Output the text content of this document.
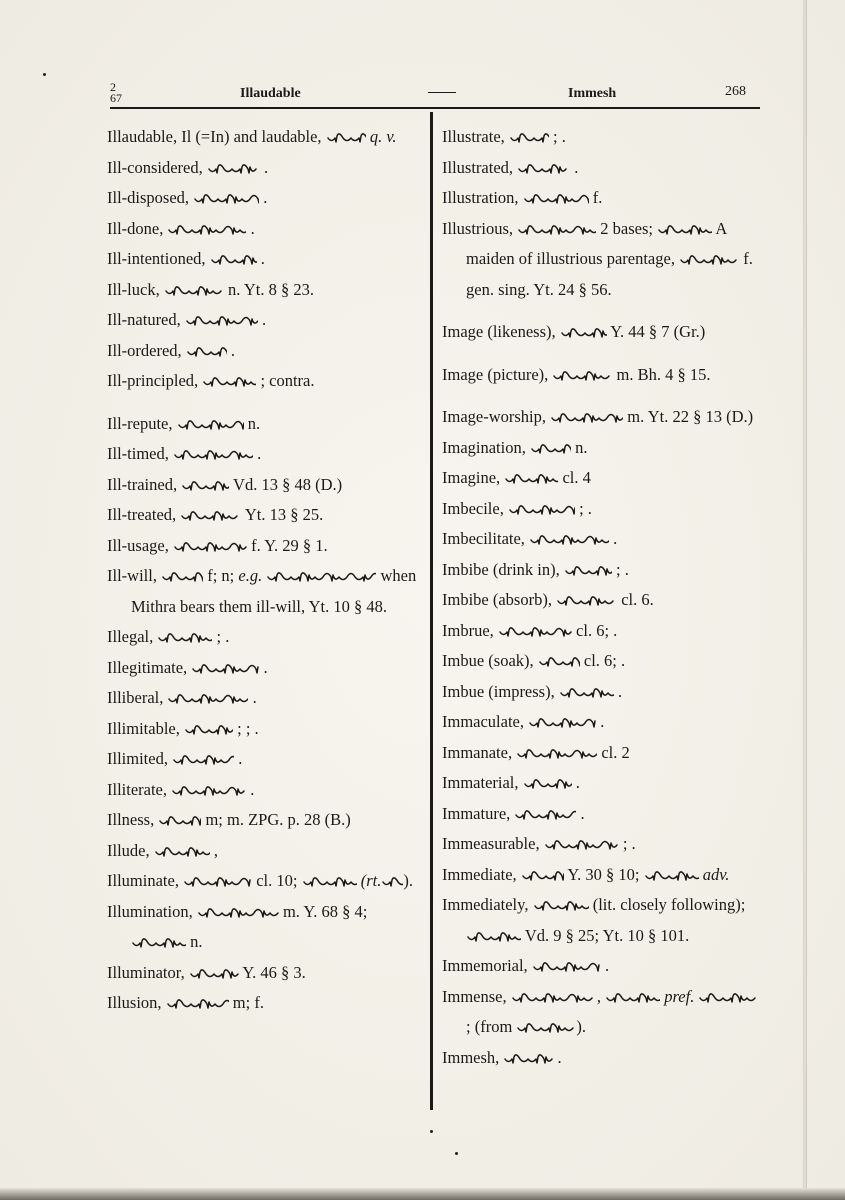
2
67	Illaudable	Immesh	268

Illaudable, Il (=In) and laudable,	q. v.

Ill-considered,	.

Ill-disposed,	.

Ill-done,	.

Ill-intentioned,	.

Ill-luck,	n. Yt. 8 § 23.

Ill-natured,	.

Ill-ordered,	.

Ill-principled,	; contra.

Ill-repute,	n.

Ill-timed,	.

Ill-trained,	Vd. 13 § 48 (D.)

Ill-treated,	Yt. 13 § 25.

Ill-usage,	f. Y. 29 § 1.

Ill-will,	f; n; e.g.	when Mithra bears them ill-will, Yt. 10 § 48.

Illegal,	; .

Illegitimate,	.

Illiberal,	.

Illimitable,	; ; .

Illimited,	.

Illiterate,	.

Illness,	m; m. ZPG. p. 28 (B.)

Illude,	,

Illuminate,	cl. 10;	(rt. ).

Illumination,	m. Y. 68 § 4;  n.

Illuminator,	Y. 46 § 3.

Illusion,	m; f.

Illustrate,	; .

Illustrated,	.

Illustration,	f.

Illustrious,	2 bases;	A maiden of illustrious parentage,	f. gen. sing. Yt. 24 § 56.

Image (likeness),	Y. 44 § 7 (Gr.)

Image (picture),	m. Bh. 4 § 15.

Image-worship,	m. Yt. 22 § 13 (D.)

Imagination,	n.

Imagine,	cl. 4

Imbecile,	; .

Imbecilitate,	.

Imbibe (drink in),	; .

Imbibe (absorb),	cl. 6.

Imbrue,	cl. 6; .

Imbue (soak),	cl. 6; .

Imbue (impress),	.

Immaculate,	.

Immanate,	cl. 2

Immaterial,	.

Immature,	.

Immeasurable,	; .

Immediate,	Y. 30 § 10;	adv.

Immediately,	(lit. closely following);  Vd. 9 § 25; Yt. 10 § 101.

Immemorial,	.

Immense,	,	pref.  ; (from	).

Immesh,	.
